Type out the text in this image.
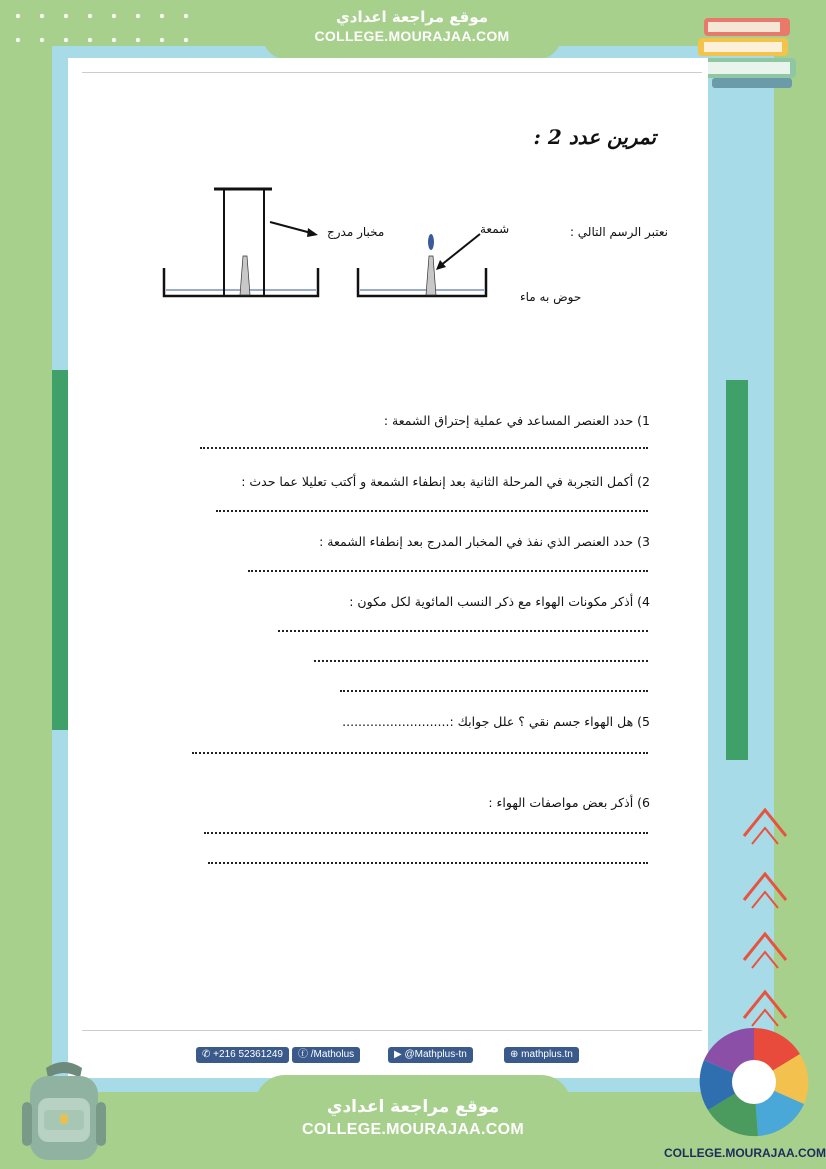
موقع مراجعة اعدادي
COLLEGE.MOURAJAA.COM
تمرين عدد 2 :
نعتبر الرسم التالي :
شمعة
مخبار مدرج
حوض به ماء
1) حدد العنصر المساعد في عملية إحتراق الشمعة :
2) أكمل التجربة في المرحلة الثانية بعد إنطفاء الشمعة و أكتب تعليلا عما حدث :
3) حدد العنصر الذي نفذ في المخبار المدرج بعد إنطفاء الشمعة :
4) أذكر مكونات الهواء مع ذكر النسب المائوية لكل مكون :
5) هل الهواء جسم نقي ؟ علل جوابك :...........................
6) أذكر بعض مواصفات الهواء :
✆ +216 52361249	ⓕ /Matholus	▶ @Mathplus-tn	⊕ mathplus.tn
موقع مراجعة اعدادي
COLLEGE.MOURAJAA.COM
COLLEGE.MOURAJAA.COM
